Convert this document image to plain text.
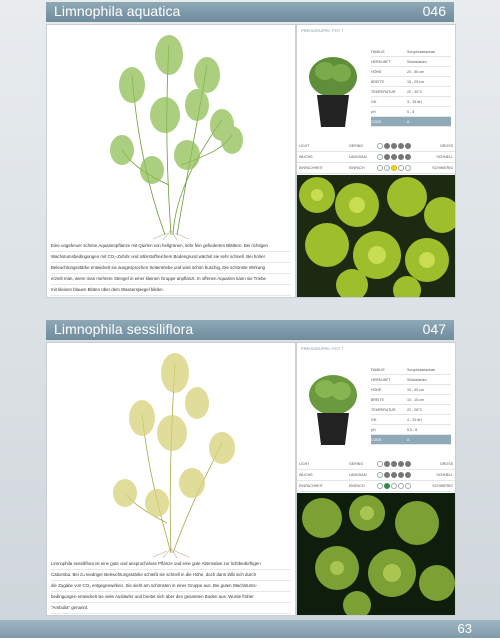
Limnophila aquatica	046
Eine ungeheuer schöne Aquarienpflanze mit Quirlen von hellgrünen, sehr fein gefiederten Blättern. Bei richtigen
Wachstumsbedingungen mit CO₂-Zufuhr und nährstoffreichem Bodengrund wächst sie sehr schnell. Bei hoher
Beleuchtungsstärke entwickelt sie ausgesprochen Seitentriebe und wird schön buschig. Die schönste Wirkung
erzielt man, wenn man mehrere Stengel in einer kleinen Gruppe anpflanzt. In offenen Aquarien kann sie Triebe
mit kleinen blauen Blüten über dem Wasserspiegel bilden.
PREISGRUPPE: POT 7
FAMILIE	Scrophulariaceae
HERKUNFT	Südostasien
HÖHE	20 - 50 cm
BREITE	15 - 25 cm
TEMPERATUR	20 - 30°C
GH	3 - 15 dH
pH	5 - 8
CODE	A
LICHT	GERING	GROSS
WUCHS	LANGSAM	SCHNELL
EINFACHHEIT	EINFACH	SCHWIERIG
Limnophila sessiliflora	047
Limnophila sessiliflora ist eine gute und anspruchslose Pflanze und eine gute Alternative zur lichtbedürftigen
Cabomba. Bei zu niedriger Beleuchtungsstärke schießt sie schnell in die Höhe, doch dann läßt sich durch
die Zugabe von CO₂ entgegenwirken. Sie sieht am schönsten in einer Gruppe aus. Bei guten Wachstums-
bedingungen entwickelt sie viele Ausläufer und breitet sich über den gesamten Boden aus. Wurde früher
"Ambulia" genannt.
PREISGRUPPE: POT 7
FAMILIE	Scrophulariaceae
HERKUNFT	Südostasien
HÖHE	15 - 40 cm
BREITE	10 - 15 cm
TEMPERATUR	22 - 28°C
GH	4 - 20 dH
pH	5,5 - 8
CODE	A
LICHT	GERING	GROSS
WUCHS	LANGSAM	SCHNELL
EINFACHHEIT	EINFACH	SCHWIERIG
63
